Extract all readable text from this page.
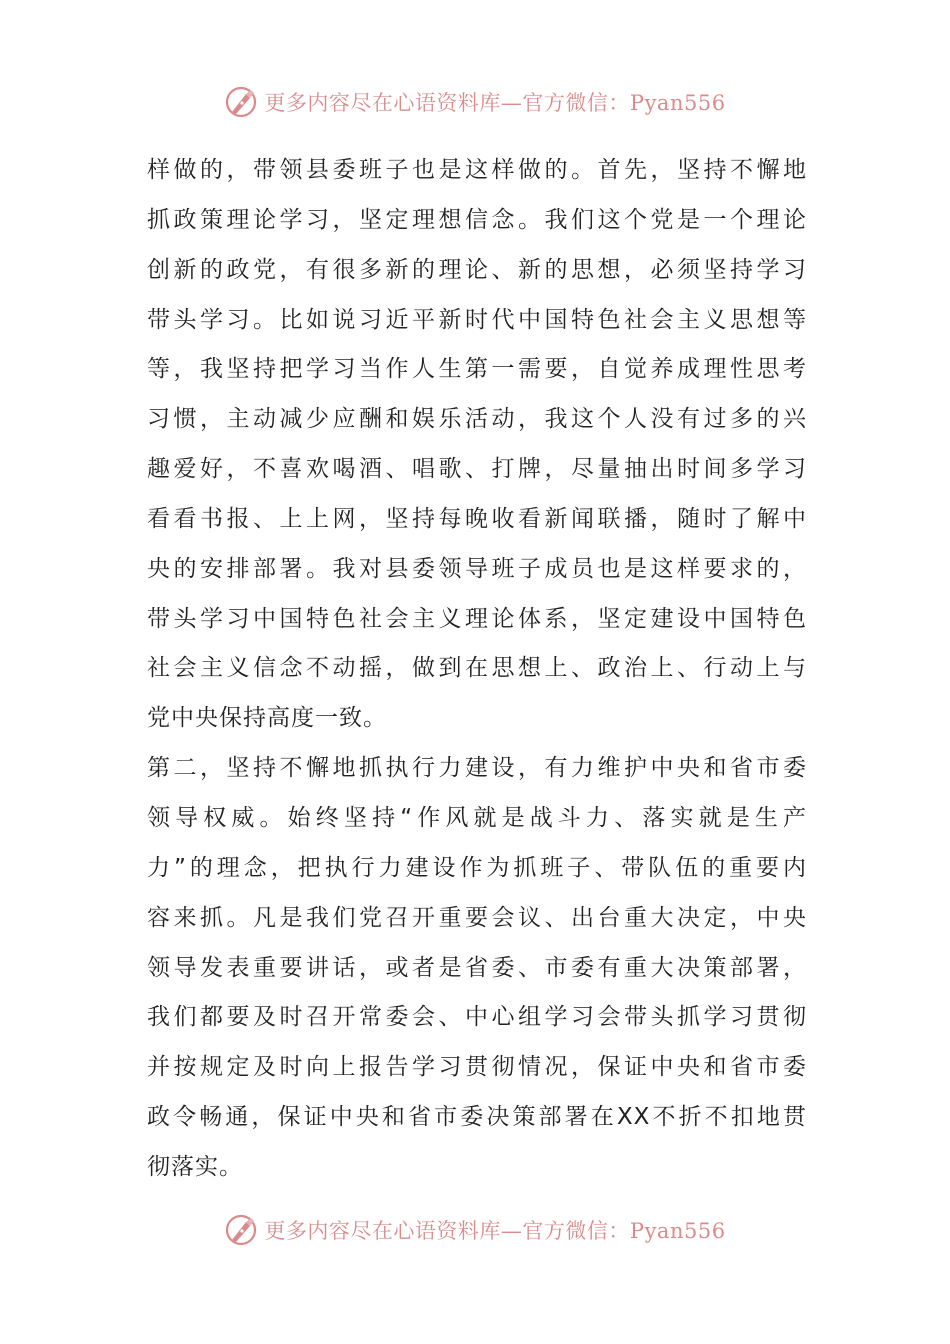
更多内容尽在心语资料库—官方微信：Pyan556
样做的，带领县委班子也是这样做的。首先，坚持不懈地
抓政策理论学习，坚定理想信念。我们这个党是一个理论
创新的政党，有很多新的理论、新的思想，必须坚持学习
带头学习。比如说习近平新时代中国特色社会主义思想等
等，我坚持把学习当作人生第一需要，自觉养成理性思考
习惯，主动减少应酬和娱乐活动，我这个人没有过多的兴
趣爱好，不喜欢喝酒、唱歌、打牌，尽量抽出时间多学习
看看书报、上上网，坚持每晚收看新闻联播，随时了解中
央的安排部署。我对县委领导班子成员也是这样要求的，
带头学习中国特色社会主义理论体系，坚定建设中国特色
社会主义信念不动摇，做到在思想上、政治上、行动上与
党中央保持高度一致。
第二，坚持不懈地抓执行力建设，有力维护中央和省市委
领导权威。始终坚持“作风就是战斗力、落实就是生产
力”的理念，把执行力建设作为抓班子、带队伍的重要内
容来抓。凡是我们党召开重要会议、出台重大决定，中央
领导发表重要讲话，或者是省委、市委有重大决策部署，
我们都要及时召开常委会、中心组学习会带头抓学习贯彻
并按规定及时向上报告学习贯彻情况，保证中央和省市委
政令畅通，保证中央和省市委决策部署在XX不折不扣地贯
彻落实。
更多内容尽在心语资料库—官方微信：Pyan556
